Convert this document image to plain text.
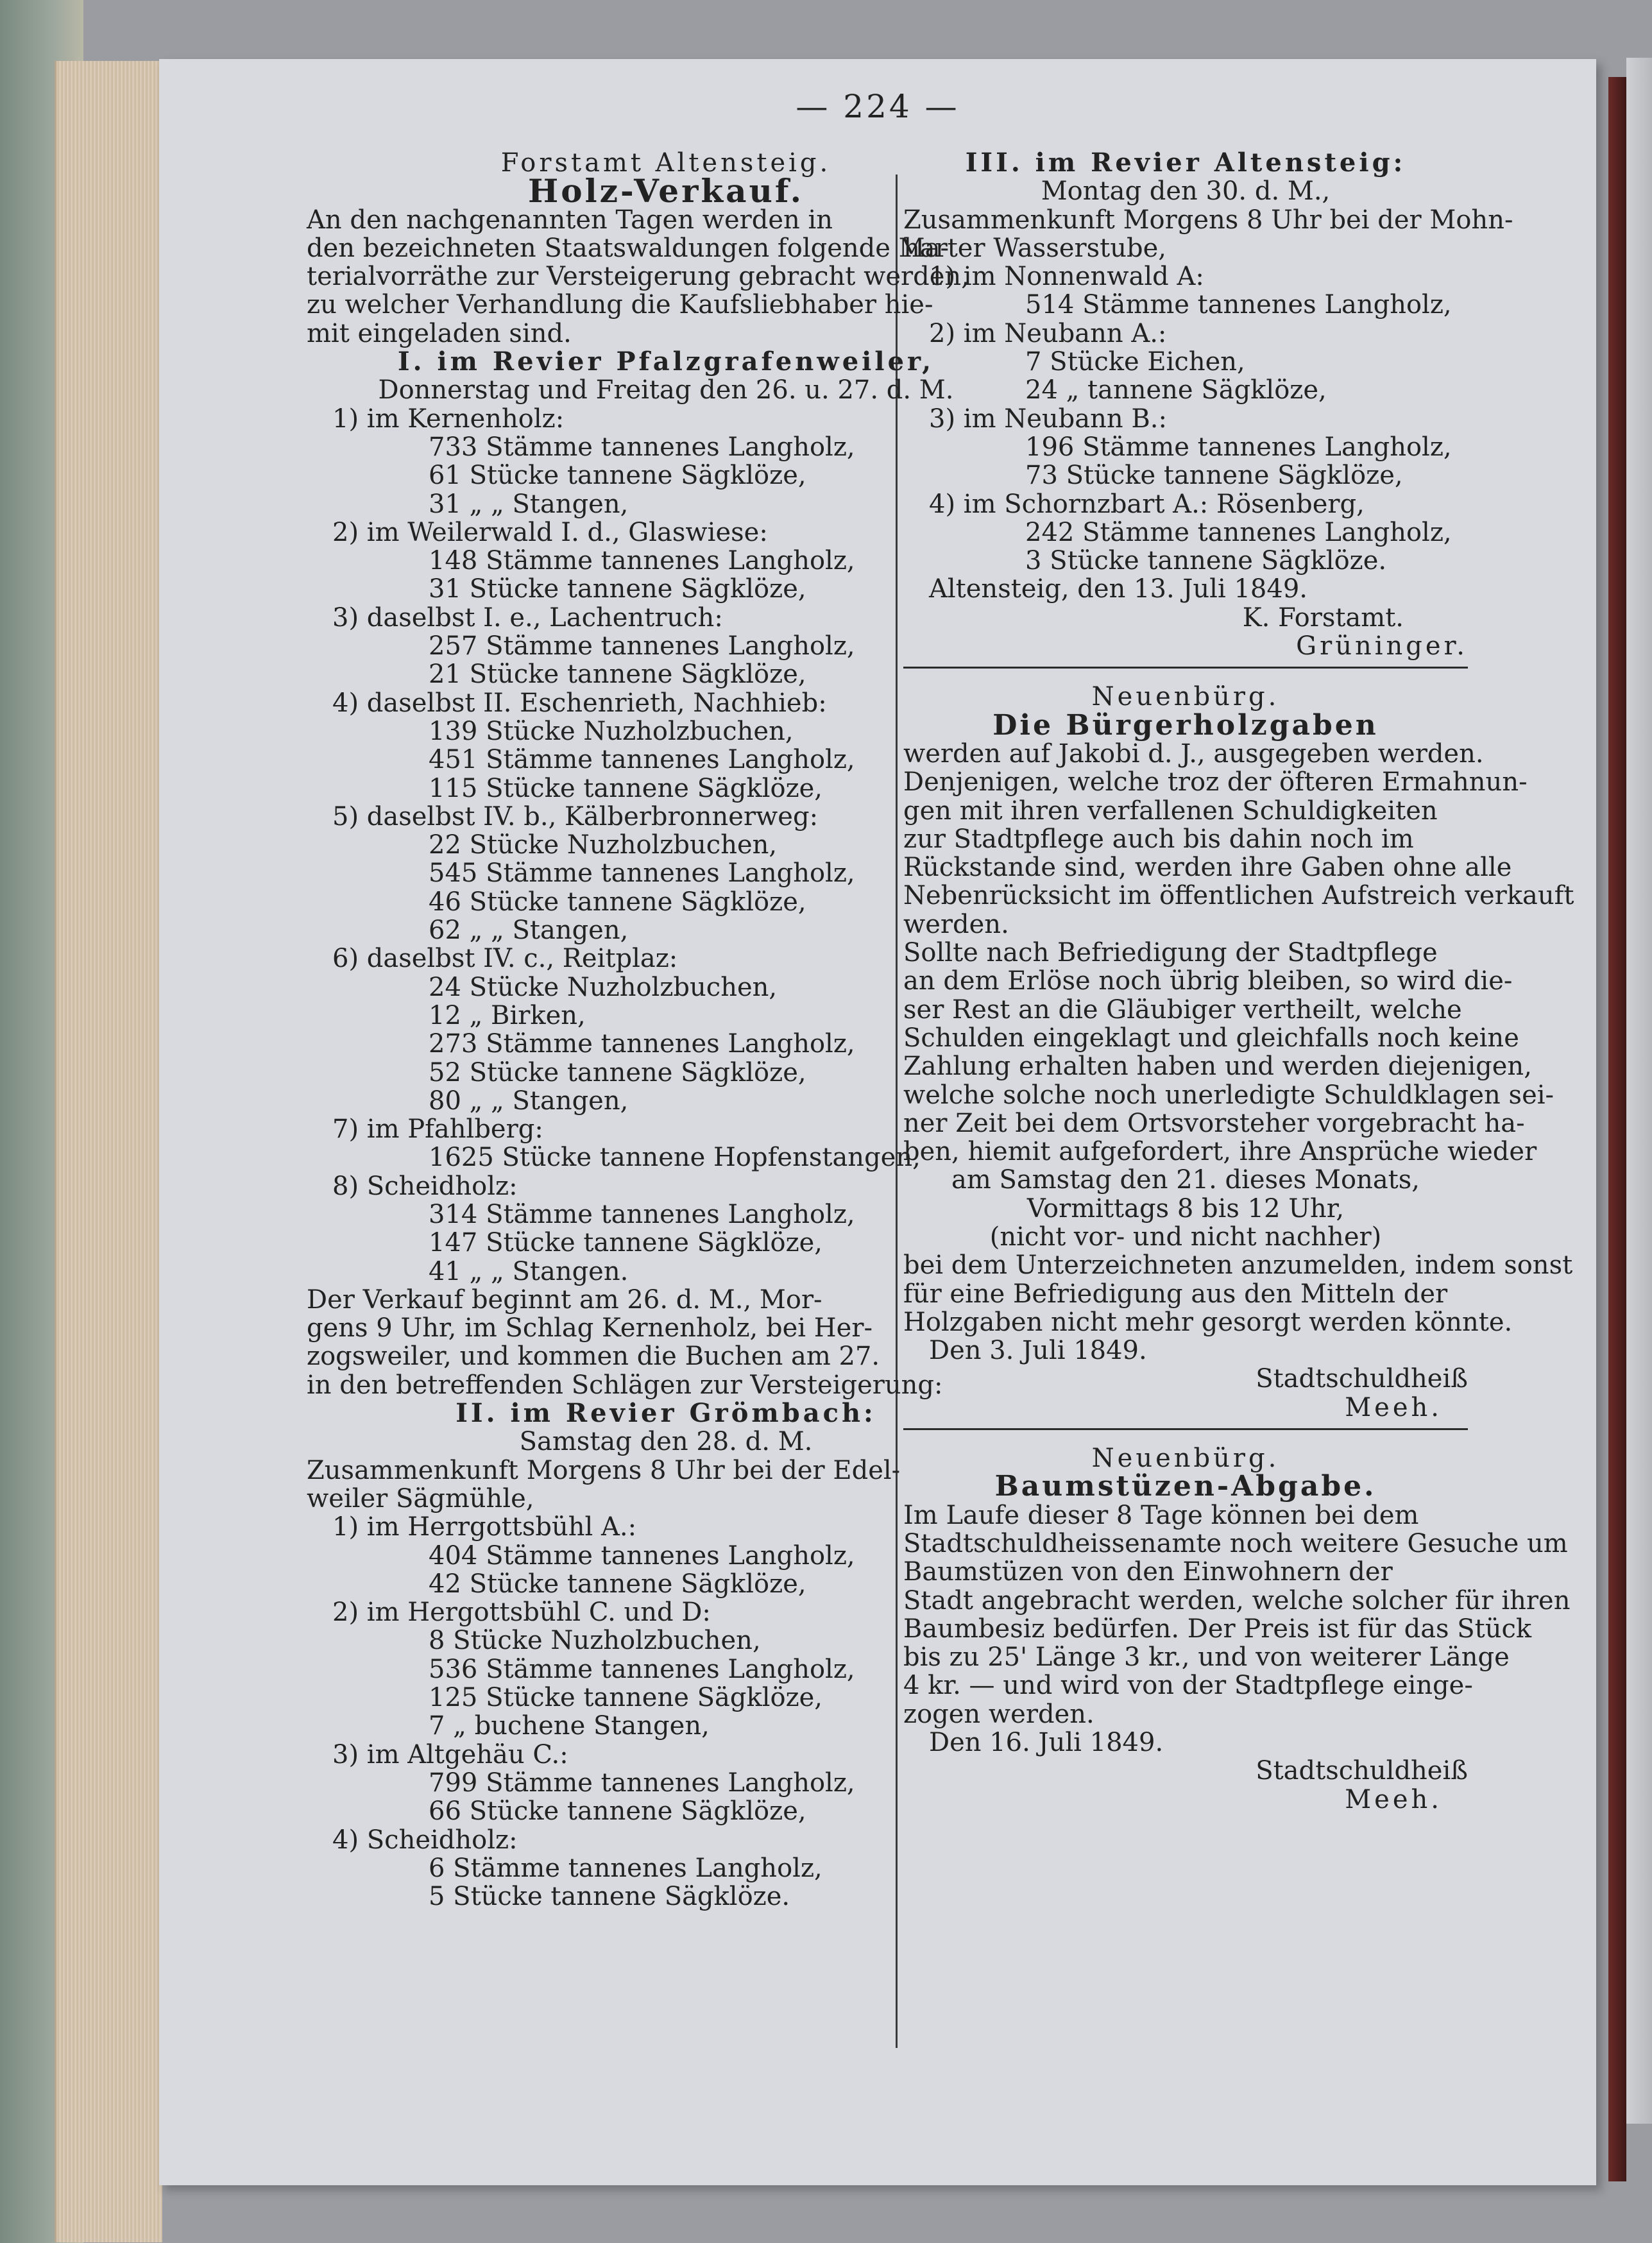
— 224 —
Forstamt Altensteig.
Holz-Verkauf.
An den nachgenannten Tagen werden in
den bezeichneten Staatswaldungen folgende Ma-
terialvorräthe zur Versteigerung gebracht werden,
zu welcher Verhandlung die Kaufsliebhaber hie-
mit eingeladen sind.
I. im Revier Pfalzgrafenweiler,
Donnerstag und Freitag den 26. u. 27. d. M.
1) im Kernenholz:
733 Stämme tannenes Langholz,
61 Stücke tannene Sägklöze,
31 „ „ Stangen,
2) im Weilerwald I. d., Glaswiese:
148 Stämme tannenes Langholz,
31 Stücke tannene Sägklöze,
3) daselbst I. e., Lachentruch:
257 Stämme tannenes Langholz,
21 Stücke tannene Sägklöze,
4) daselbst II. Eschenrieth, Nachhieb:
139 Stücke Nuzholzbuchen,
451 Stämme tannenes Langholz,
115 Stücke tannene Sägklöze,
5) daselbst IV. b., Kälberbronnerweg:
22 Stücke Nuzholzbuchen,
545 Stämme tannenes Langholz,
46 Stücke tannene Sägklöze,
62 „ „ Stangen,
6) daselbst IV. c., Reitplaz:
24 Stücke Nuzholzbuchen,
12 „ Birken,
273 Stämme tannenes Langholz,
52 Stücke tannene Sägklöze,
80 „ „ Stangen,
7) im Pfahlberg:
1625 Stücke tannene Hopfenstangen,
8) Scheidholz:
314 Stämme tannenes Langholz,
147 Stücke tannene Sägklöze,
41 „ „ Stangen.
Der Verkauf beginnt am 26. d. M., Mor-
gens 9 Uhr, im Schlag Kernenholz, bei Her-
zogsweiler, und kommen die Buchen am 27.
in den betreffenden Schlägen zur Versteigerung:
II. im Revier Grömbach:
Samstag den 28. d. M.
Zusammenkunft Morgens 8 Uhr bei der Edel-
weiler Sägmühle,
1) im Herrgottsbühl A.:
404 Stämme tannenes Langholz,
42 Stücke tannene Sägklöze,
2) im Hergottsbühl C. und D:
8 Stücke Nuzholzbuchen,
536 Stämme tannenes Langholz,
125 Stücke tannene Sägklöze,
7 „ buchene Stangen,
3) im Altgehäu C.:
799 Stämme tannenes Langholz,
66 Stücke tannene Sägklöze,
4) Scheidholz:
6 Stämme tannenes Langholz,
5 Stücke tannene Sägklöze.
III. im Revier Altensteig:
Montag den 30. d. M.,
Zusammenkunft Morgens 8 Uhr bei der Mohn-
harter Wasserstube,
1) im Nonnenwald A:
514 Stämme tannenes Langholz,
2) im Neubann A.:
7 Stücke Eichen,
24 „ tannene Sägklöze,
3) im Neubann B.:
196 Stämme tannenes Langholz,
73 Stücke tannene Sägklöze,
4) im Schornzbart A.: Rösenberg,
242 Stämme tannenes Langholz,
3 Stücke tannene Sägklöze.
Altensteig, den 13. Juli 1849.
K. Forstamt.
Grüninger.
Neuenbürg.
Die Bürgerholzgaben
werden auf Jakobi d. J., ausgegeben werden.
Denjenigen, welche troz der öfteren Ermahnun-
gen mit ihren verfallenen Schuldigkeiten
zur Stadtpflege auch bis dahin noch im
Rückstande sind, werden ihre Gaben ohne alle
Nebenrücksicht im öffentlichen Aufstreich verkauft
werden.
Sollte nach Befriedigung der Stadtpflege
an dem Erlöse noch übrig bleiben, so wird die-
ser Rest an die Gläubiger vertheilt, welche
Schulden eingeklagt und gleichfalls noch keine
Zahlung erhalten haben und werden diejenigen,
welche solche noch unerledigte Schuldklagen sei-
ner Zeit bei dem Ortsvorsteher vorgebracht ha-
ben, hiemit aufgefordert, ihre Ansprüche wieder
am Samstag den 21. dieses Monats,
Vormittags 8 bis 12 Uhr,
(nicht vor- und nicht nachher)
bei dem Unterzeichneten anzumelden, indem sonst
für eine Befriedigung aus den Mitteln der
Holzgaben nicht mehr gesorgt werden könnte.
Den 3. Juli 1849.
Stadtschuldheiß
Meeh.
Neuenbürg.
Baumstüzen-Abgabe.
Im Laufe dieser 8 Tage können bei dem
Stadtschuldheissenamte noch weitere Gesuche um
Baumstüzen von den Einwohnern der
Stadt angebracht werden, welche solcher für ihren
Baumbesiz bedürfen. Der Preis ist für das Stück
bis zu 25' Länge 3 kr., und von weiterer Länge
4 kr. — und wird von der Stadtpflege einge-
zogen werden.
Den 16. Juli 1849.
Stadtschuldheiß
Meeh.
